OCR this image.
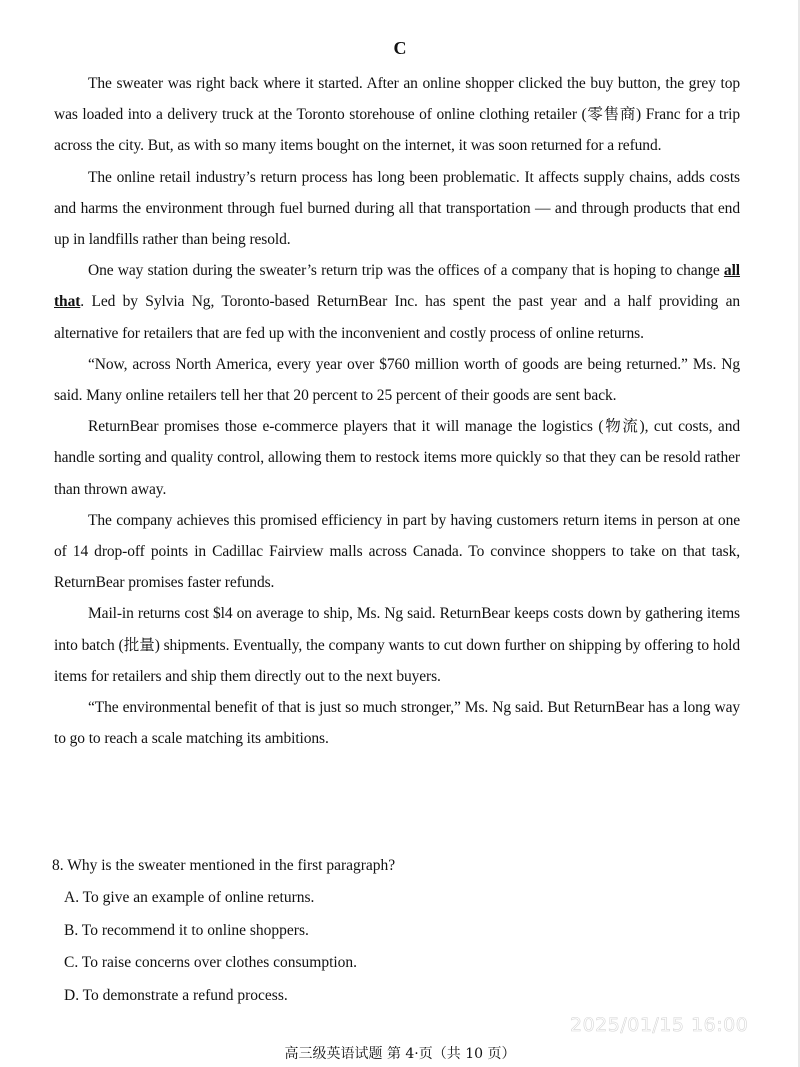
C

The sweater was right back where it started. After an online shopper clicked the buy button, the grey top was loaded into a delivery truck at the Toronto storehouse of online clothing retailer (零售商) Franc for a trip across the city. But, as with so many items bought on the internet, it was soon returned for a refund.

The online retail industry’s return process has long been problematic. It affects supply chains, adds costs and harms the environment through fuel burned during all that transportation — and through products that end up in landfills rather than being resold.

One way station during the sweater’s return trip was the offices of a company that is hoping to change all that. Led by Sylvia Ng, Toronto-based ReturnBear Inc. has spent the past year and a half providing an alternative for retailers that are fed up with the inconvenient and costly process of online returns.

“Now, across North America, every year over $760 million worth of goods are being returned.” Ms. Ng said. Many online retailers tell her that 20 percent to 25 percent of their goods are sent back.

ReturnBear promises those e-commerce players that it will manage the logistics (物流), cut costs, and handle sorting and quality control, allowing them to restock items more quickly so that they can be resold rather than thrown away.

The company achieves this promised efficiency in part by having customers return items in person at one of 14 drop-off points in Cadillac Fairview malls across Canada. To convince shoppers to take on that task, ReturnBear promises faster refunds.

Mail-in returns cost $l4 on average to ship, Ms. Ng said. ReturnBear keeps costs down by gathering items into batch (批量) shipments. Eventually, the company wants to cut down further on shipping by offering to hold items for retailers and ship them directly out to the next buyers.

“The environmental benefit of that is just so much stronger,” Ms. Ng said. But ReturnBear has a long way to go to reach a scale matching its ambitions.

8. Why is the sweater mentioned in the first paragraph?

A. To give an example of online returns.
B. To recommend it to online shoppers.
C. To raise concerns over clothes consumption.
D. To demonstrate a refund process.
2025/01/15 16:00
高三级英语试题 第 4·页（共 10 页）
